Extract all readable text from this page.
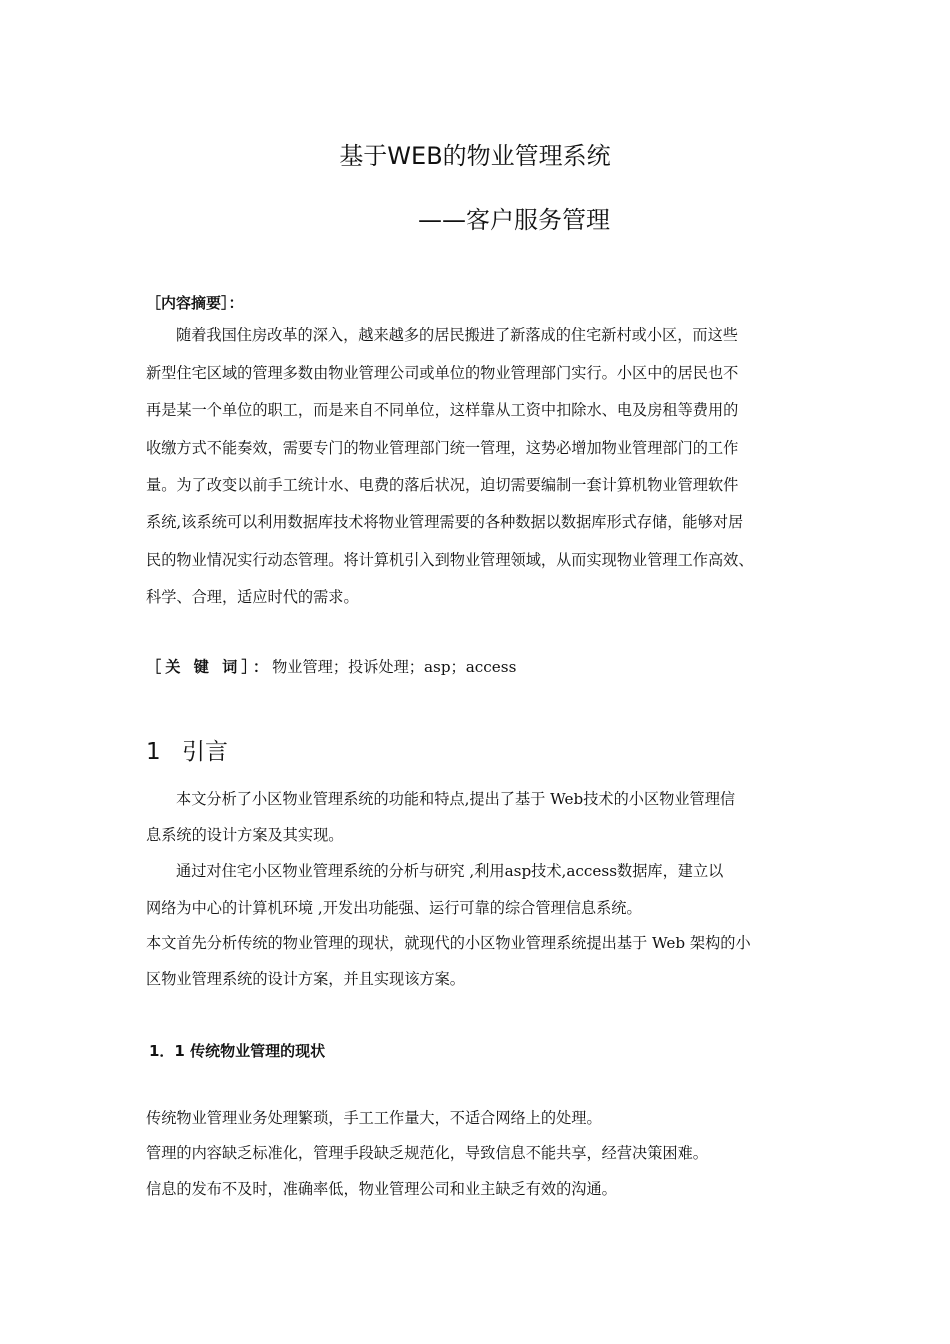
基于WEB的物业管理系统
——客户服务管理
［内容摘要］：
随着我国住房改革的深入，越来越多的居民搬进了新落成的住宅新村或小区，而这些
新型住宅区域的管理多数由物业管理公司或单位的物业管理部门实行。小区中的居民也不
再是某一个单位的职工，而是来自不同单位，这样靠从工资中扣除水、电及房租等费用的
收缴方式不能奏效，需要专门的物业管理部门统一管理，这势必增加物业管理部门的工作
量。为了改变以前手工统计水、电费的落后状况，迫切需要编制一套计算机物业管理软件
系统,该系统可以利用数据库技术将物业管理需要的各种数据以数据库形式存储，能够对居
民的物业情况实行动态管理。将计算机引入到物业管理领域，从而实现物业管理工作高效、
科学、合理，适应时代的需求。
［关 键 词］：物业管理；投诉处理；asp；access
1 引言
本文分析了小区物业管理系统的功能和特点,提出了基于 Web技术的小区物业管理信
息系统的设计方案及其实现。
通过对住宅小区物业管理系统的分析与研究 ,利用asp技术,access数据库，建立以
网络为中心的计算机环境 ,开发出功能强、运行可靠的综合管理信息系统。
本文首先分析传统的物业管理的现状，就现代的小区物业管理系统提出基于 Web 架构的小
区物业管理系统的设计方案，并且实现该方案。
1．1 传统物业管理的现状
传统物业管理业务处理繁琐，手工工作量大，不适合网络上的处理。
管理的内容缺乏标准化，管理手段缺乏规范化，导致信息不能共享，经营决策困难。
信息的发布不及时，准确率低，物业管理公司和业主缺乏有效的沟通。
